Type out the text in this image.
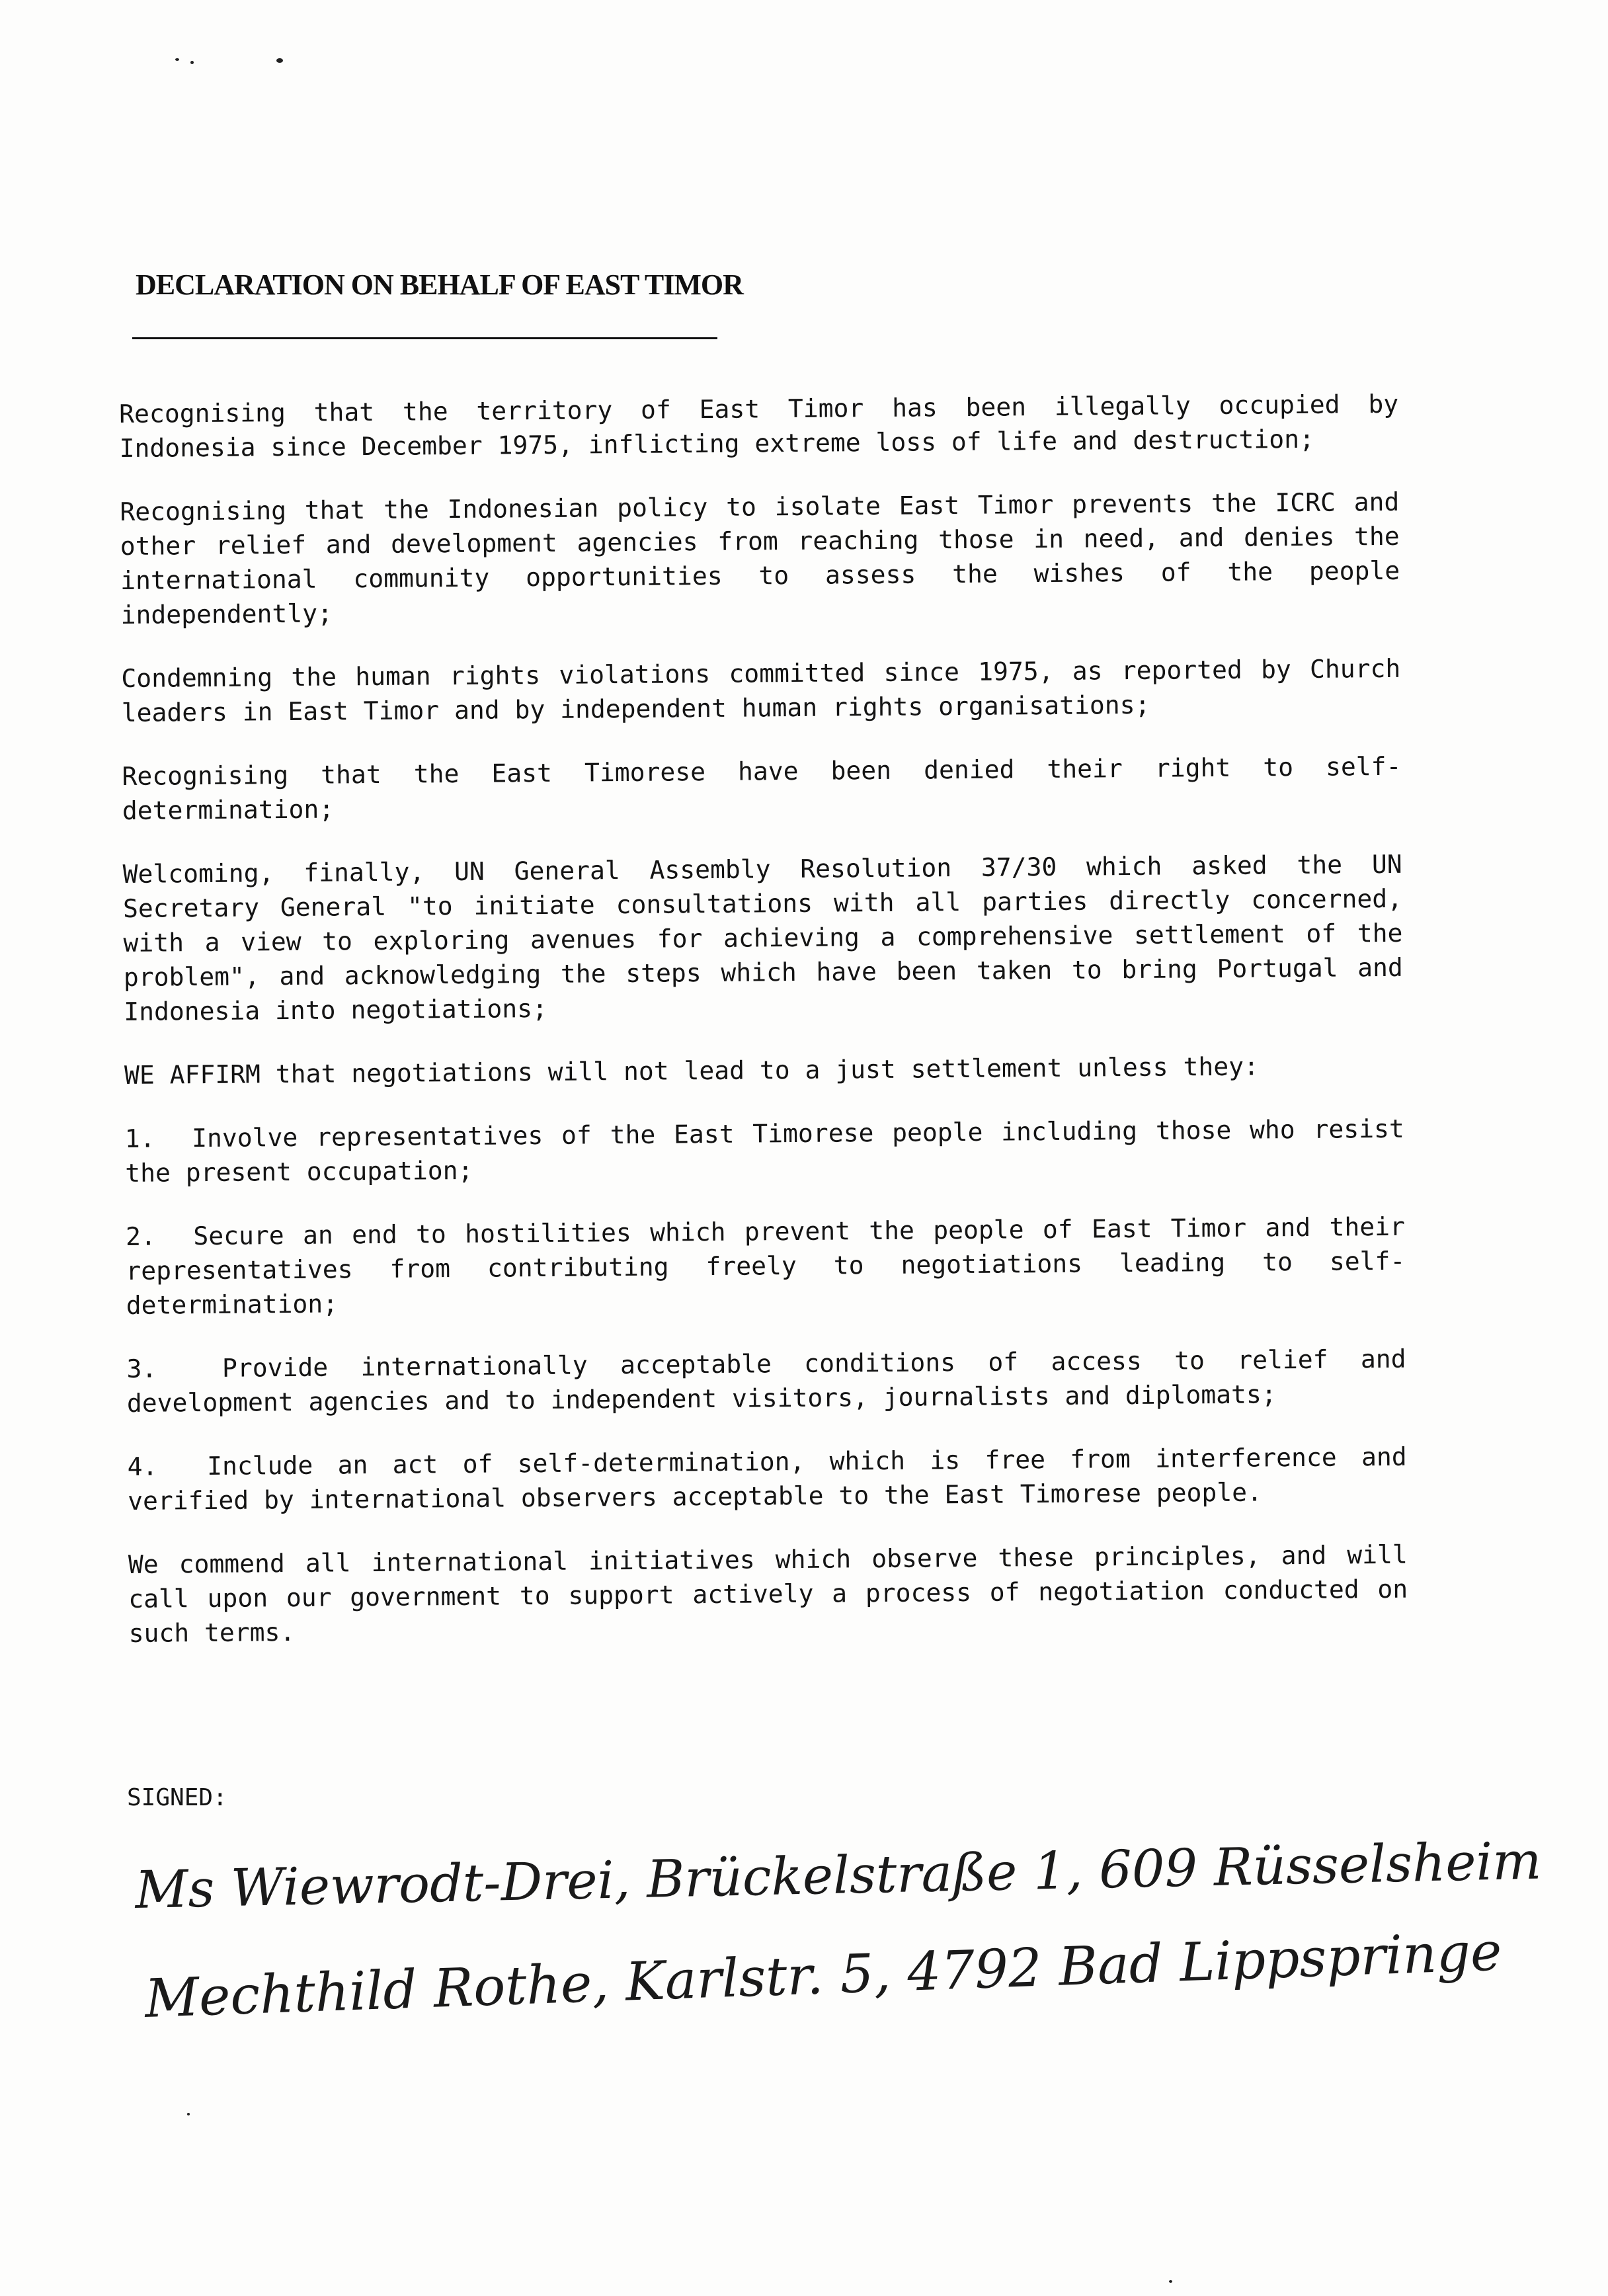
DECLARATION ON BEHALF OF EAST TIMOR

Recognising that the territory of East Timor has been illegally occupied by Indonesia since December 1975, inflicting extreme loss of life and destruction;

Recognising that the Indonesian policy to isolate East Timor prevents the ICRC and other relief and development agencies from reaching those in need, and denies the international community opportunities to assess the wishes of the people independently;

Condemning the human rights violations committed since 1975, as reported by Church leaders in East Timor and by independent human rights organisations;

Recognising that the East Timorese have been denied their right to self-determination;

Welcoming, finally, UN General Assembly Resolution 37/30 which asked the UN Secretary General "to initiate consultations with all parties directly concerned, with a view to exploring avenues for achieving a comprehensive settlement of the problem", and acknowledging the steps which have been taken to bring Portugal and Indonesia into negotiations;

WE AFFIRM that negotiations will not lead to a just settlement unless they:

1. Involve representatives of the East Timorese people including those who resist the present occupation;

2. Secure an end to hostilities which prevent the people of East Timor and their representatives from contributing freely to negotiations leading to self-determination;

3.	Provide internationally acceptable conditions of access to relief and development agencies and to independent visitors, journalists and diplomats;

4. Include an act of self-determination, which is free from interference and verified by international observers acceptable to the East Timorese people.

We commend all international initiatives which observe these principles, and will call upon our government to support actively a process of negotiation conducted on such terms.

SIGNED:
Ms Wiewrodt-Drei, Brückelstraße 1, 609 Rüsselsheim
Mechthild Rothe, Karlstr. 5, 4792 Bad Lippspringe
